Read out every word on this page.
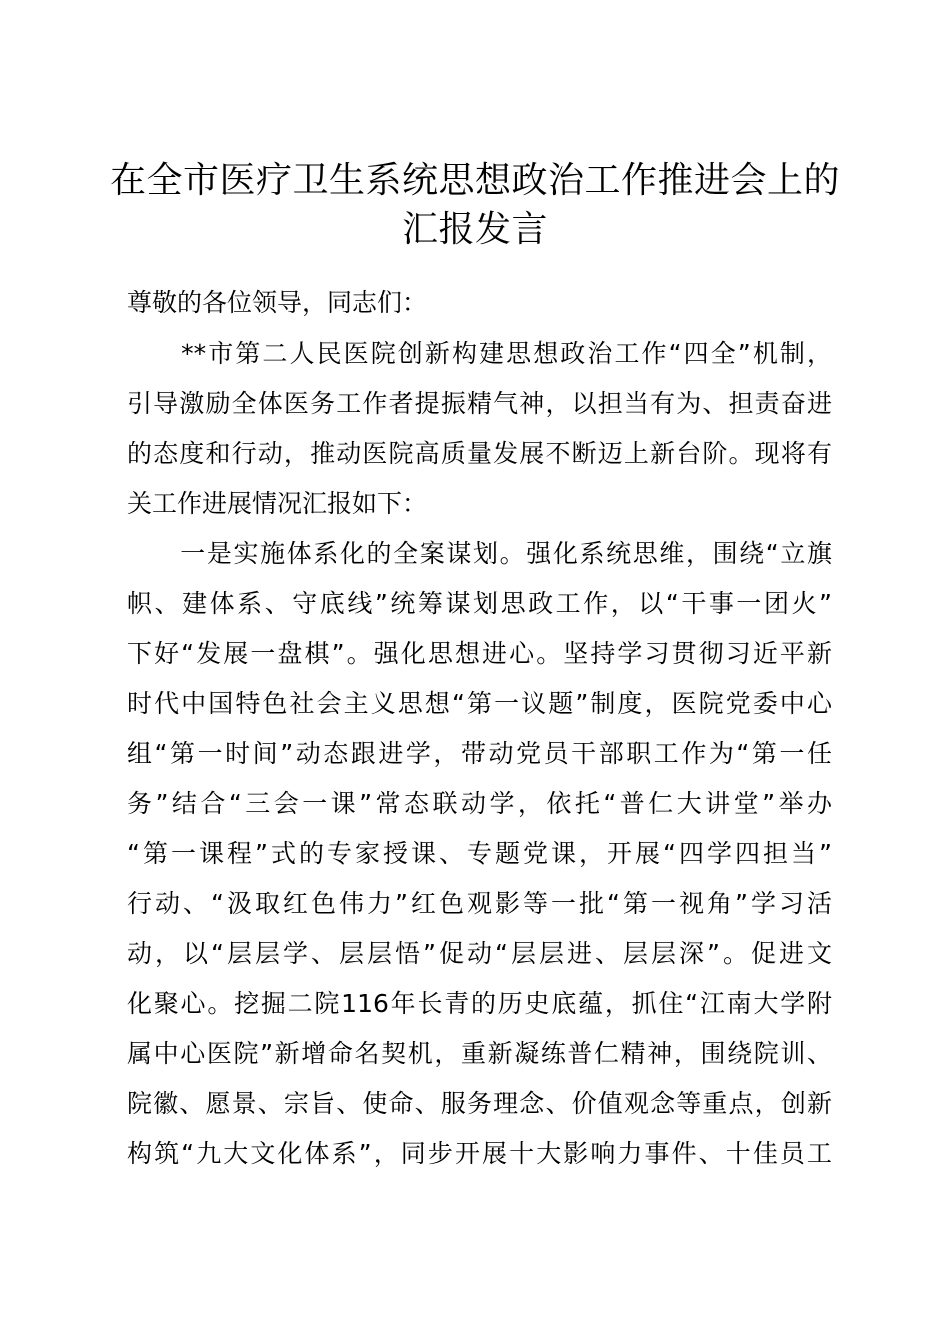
在全市医疗卫生系统思想政治工作推进会上的
汇报发言
尊敬的各位领导，同志们：
　　**市第二人民医院创新构建思想政治工作“四全”机制，
引导激励全体医务工作者提振精气神，以担当有为、担责奋进
的态度和行动，推动医院高质量发展不断迈上新台阶。现将有
关工作进展情况汇报如下：
　　一是实施体系化的全案谋划。强化系统思维，围绕“立旗
帜、建体系、守底线”统筹谋划思政工作，以“干事一团火”
下好“发展一盘棋”。强化思想进心。坚持学习贯彻习近平新
时代中国特色社会主义思想“第一议题”制度，医院党委中心
组“第一时间”动态跟进学，带动党员干部职工作为“第一任
务”结合“三会一课”常态联动学，依托“普仁大讲堂”举办
“第一课程”式的专家授课、专题党课，开展“四学四担当”
行动、“汲取红色伟力”红色观影等一批“第一视角”学习活
动，以“层层学、层层悟”促动“层层进、层层深”。促进文
化聚心。挖掘二院116年长青的历史底蕴，抓住“江南大学附
属中心医院”新增命名契机，重新凝练普仁精神，围绕院训、
院徽、愿景、宗旨、使命、服务理念、价值观念等重点，创新
构筑“九大文化体系”，同步开展十大影响力事件、十佳员工
